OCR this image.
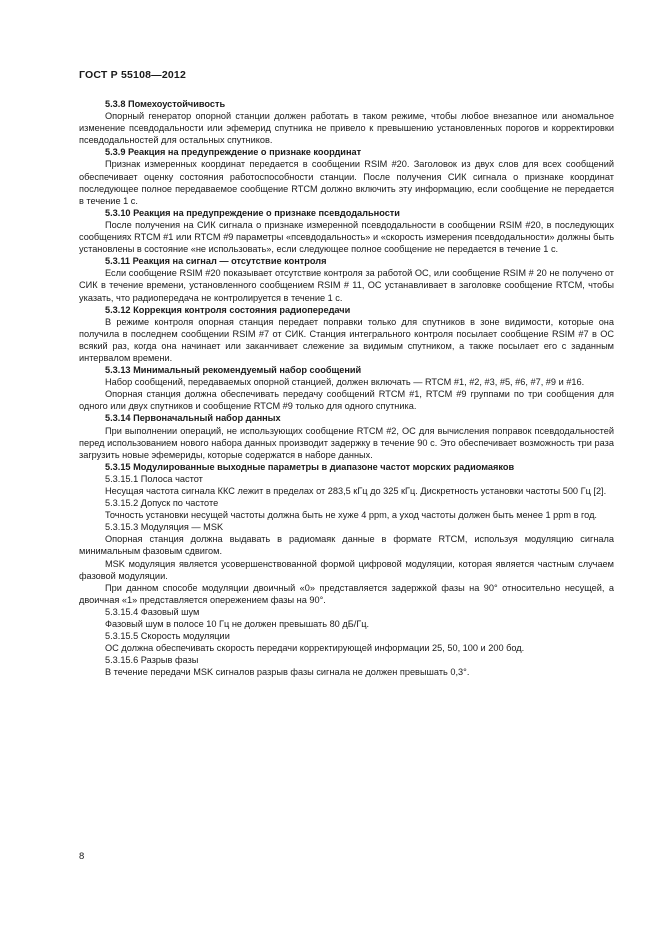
ГОСТ Р 55108—2012
5.3.8 Помехоустойчивость
Опорный генератор опорной станции должен работать в таком режиме, чтобы любое внезапное или аномальное изменение псевдодальности или эфемерид спутника не привело к превышению установленных порогов и корректировки псевдодальностей для остальных спутников.
5.3.9 Реакция на предупреждение о признаке координат
Признак измеренных координат передается в сообщении RSIM #20. Заголовок из двух слов для всех сообщений обеспечивает оценку состояния работоспособности станции. После получения СИК сигнала о признаке координат последующее полное передаваемое сообщение RTCM должно включить эту информацию, если сообщение не передается в течение 1 с.
5.3.10 Реакция на предупреждение о признаке псевдодальности
После получения на СИК сигнала о признаке измеренной псевдодальности в сообщении RSIM #20, в последующих сообщениях RTCM #1 или RTCM #9 параметры «псевдодальность» и «скорость измерения псевдодальности» должны быть установлены в состояние «не использовать», если следующее полное сообщение не передается в течение 1 с.
5.3.11 Реакция на сигнал — отсутствие контроля
Если сообщение RSIM #20 показывает отсутствие контроля за работой ОС, или сообщение RSIM # 20 не получено от СИК в течение времени, установленного сообщением RSIM # 11, ОС устанавливает в заголовке сообщение RTCM, чтобы указать, что радиопередача не контролируется в течение 1 с.
5.3.12 Коррекция контроля состояния радиопередачи
В режиме контроля опорная станция передает поправки только для спутников в зоне видимости, которые она получила в последнем сообщении RSIM #7 от СИК. Станция интегрального контроля посылает сообщение RSIM #7 в ОС всякий раз, когда она начинает или заканчивает слежение за видимым спутником, а также посылает его с заданным интервалом времени.
5.3.13 Минимальный рекомендуемый набор сообщений
Набор сообщений, передаваемых опорной станцией, должен включать — RTCM #1, #2, #3, #5, #6, #7, #9 и #16.
Опорная станция должна обеспечивать передачу сообщений RTCM #1, RTCM #9 группами по три сообщения для одного или двух спутников и сообщение RTCM #9 только для одного спутника.
5.3.14 Первоначальный набор данных
При выполнении операций, не использующих сообщение RTCM #2, ОС для вычисления поправок псевдодальностей перед использованием нового набора данных производит задержку в течение 90 с. Это обеспечивает возможность три раза загрузить новые эфемериды, которые содержатся в наборе данных.
5.3.15 Модулированные выходные параметры в диапазоне частот морских радиомаяков
5.3.15.1 Полоса частот
Несущая частота сигнала ККС лежит в пределах от 283,5 кГц до 325 кГц. Дискретность установки частоты 500 Гц [2].
5.3.15.2 Допуск по частоте
Точность установки несущей частоты должна быть не хуже 4 ppm, а уход частоты должен быть менее 1 ppm в год.
5.3.15.3 Модуляция — MSK
Опорная станция должна выдавать в радиомаяк данные в формате RTCM, используя модуляцию сигнала минимальным фазовым сдвигом.
MSK модуляция является усовершенствованной формой цифровой модуляции, которая является частным случаем фазовой модуляции.
При данном способе модуляции двоичный «0» представляется задержкой фазы на 90° относительно несущей, а двоичная «1» представляется опережением фазы на 90°.
5.3.15.4 Фазовый шум
Фазовый шум в полосе 10 Гц не должен превышать 80 дБ/Гц.
5.3.15.5 Скорость модуляции
ОС должна обеспечивать скорость передачи корректирующей информации 25, 50, 100 и 200 бод.
5.3.15.6 Разрыв фазы
В течение передачи MSK сигналов разрыв фазы сигнала не должен превышать 0,3°.
8
